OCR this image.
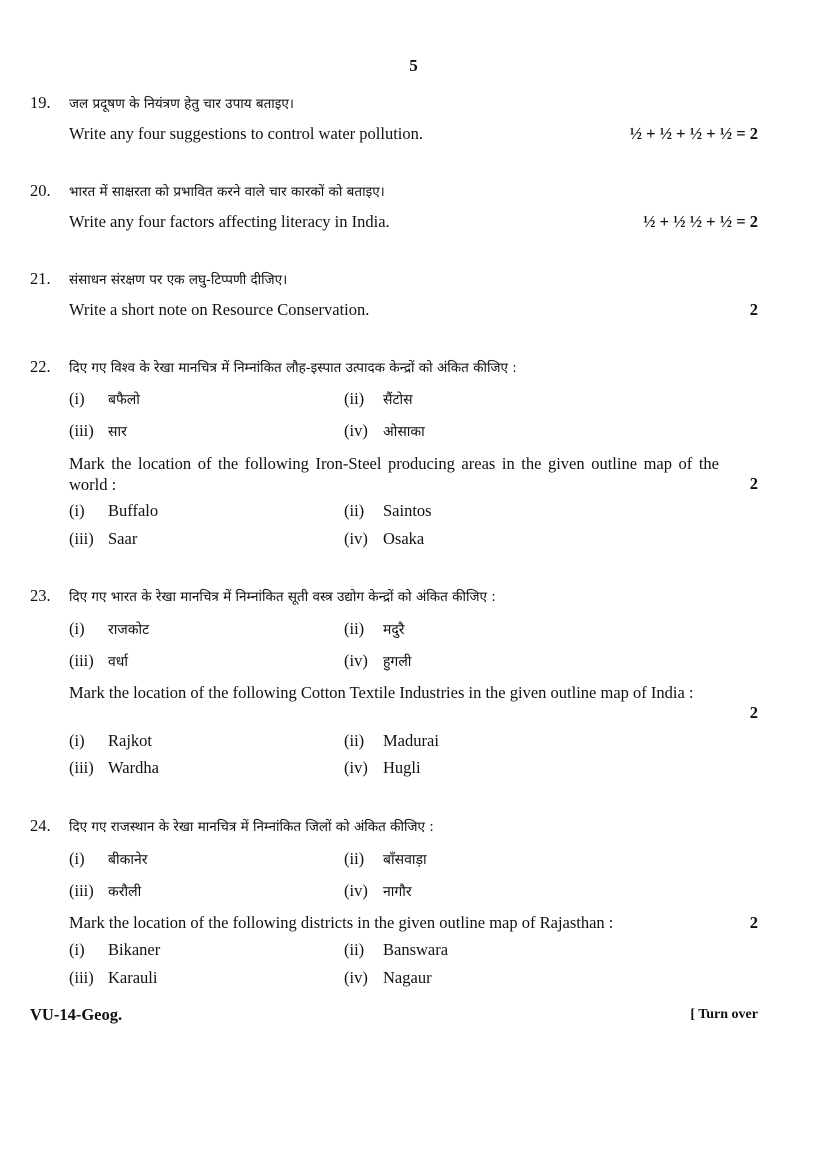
5
19. जल प्रदूषण के नियंत्रण हेतु चार उपाय बताइए।
Write any four suggestions to control water pollution.	½ + ½ + ½ + ½ = 2
20. भारत में साक्षरता को प्रभावित करने वाले चार कारकों को बताइए।
Write any four factors affecting literacy in India.	½ + ½ ½ + ½ = 2
21. संसाधन संरक्षण पर एक लघु-टिप्पणी दीजिए।
Write a short note on Resource Conservation.	2
22. दिए गए विश्व के रेखा मानचित्र में निम्नांकित लौह-इस्पात उत्पादक केन्द्रों को अंकित कीजिए :
(i) बफैलो	(ii) सैंटोस
(iii) सार	(iv) ओसाका
Mark the location of the following Iron-Steel producing areas in the given outline map of the world :	2
(i) Buffalo	(ii) Saintos
(iii) Saar	(iv) Osaka
23. दिए गए भारत के रेखा मानचित्र में निम्नांकित सूती वस्त्र उद्योग केन्द्रों को अंकित कीजिए :
(i) राजकोट	(ii) मदुरै
(iii) वर्धा	(iv) हुगली
Mark the location of the following Cotton Textile Industries in the given outline map of India :
2
(i) Rajkot	(ii) Madurai
(iii) Wardha	(iv) Hugli
24. दिए गए राजस्थान के रेखा मानचित्र में निम्नांकित जिलों को अंकित कीजिए :
(i) बीकानेर	(ii) बाँसवाड़ा
(iii) करौली	(iv) नागौर
Mark the location of the following districts in the given outline map of Rajasthan :	2
(i) Bikaner	(ii) Banswara
(iii) Karauli	(iv) Nagaur
VU-14-Geog.	[ Turn over
